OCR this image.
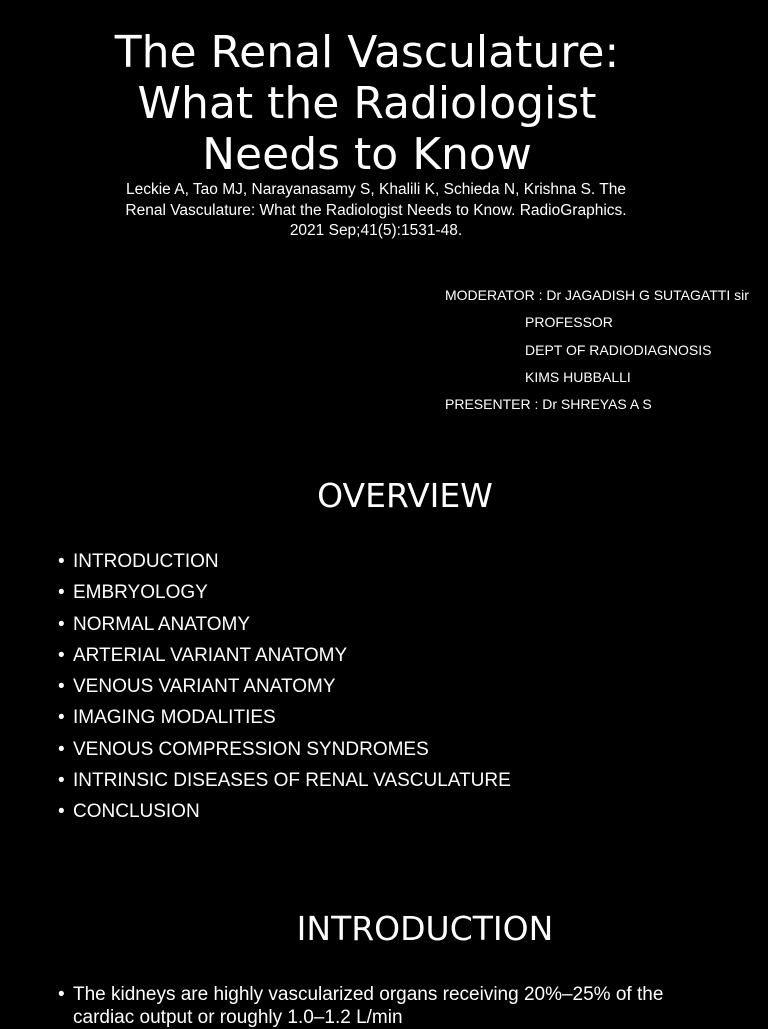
The Renal Vasculature:
What the Radiologist
Needs to Know

Leckie A, Tao MJ, Narayanasamy S, Khalili K, Schieda N, Krishna S. The
Renal Vasculature: What the Radiologist Needs to Know. RadioGraphics.
2021 Sep;41(5):1531-48.

MODERATOR : Dr JAGADISH G SUTAGATTI sir
PROFESSOR
DEPT OF RADIODIAGNOSIS
KIMS HUBBALLI
PRESENTER : Dr SHREYAS A S
OVERVIEW
• INTRODUCTION
• EMBRYOLOGY
• NORMAL ANATOMY
• ARTERIAL VARIANT ANATOMY
• VENOUS VARIANT ANATOMY
• IMAGING MODALITIES
• VENOUS COMPRESSION SYNDROMES
• INTRINSIC DISEASES OF RENAL VASCULATURE
• CONCLUSION
INTRODUCTION
• The kidneys are highly vascularized organs receiving 20%–25% of the cardiac output or roughly 1.0–1.2 L/min
